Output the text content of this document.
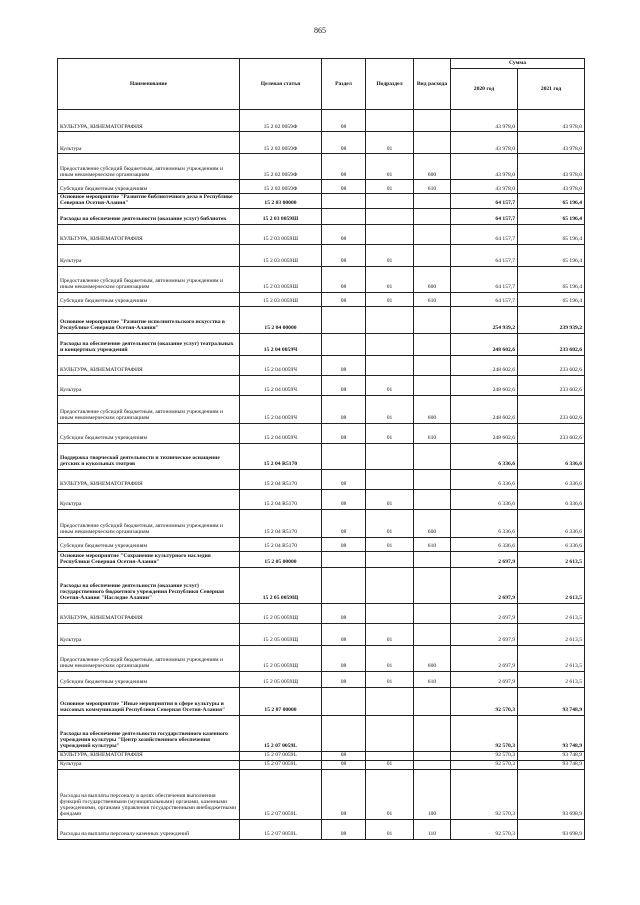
865
Наименование	Целевая статья	Раздел	Подраздел	Вид расхода	Сумма	
					2020 год	2021 год
КУЛЬТУРА, КИНЕМАТОГРАФИЯ	15 2 02 0059Ф	08			43 978,0	43 978,0
Культура	15 2 02 0059Ф	08	01		43 978,0	43 978,0
Предоставление субсидий бюджетным, автономным учреждениям и иным некоммерческим организациям	15 2 02 0059Ф	08	01	600	43 978,0	43 978,0
Субсидии бюджетным учреждениям	15 2 02 0059Ф	08	01	610	43 978,0	43 978,0
Основное мероприятие "Развитие библиотечного дела в Республике Северная Осетия-Алания"	15 2 03 00000				64 157,7	65 196,4
Расходы на обеспечение деятельности (оказание услуг) библиотек	15 2 03 0059Ш				64 157,7	65 196,4
КУЛЬТУРА, КИНЕМАТОГРАФИЯ	15 2 03 0059Ш	08			64 157,7	65 196,4
Культура	15 2 03 0059Ш	08	01		64 157,7	65 196,4
Предоставление субсидий бюджетным, автономным учреждениям и иным некоммерческим организациям	15 2 03 0059Ш	08	01	600	64 157,7	65 196,4
Субсидии бюджетным учреждениям	15 2 03 0059Ш	08	01	610	64 157,7	65 196,4
Основное мероприятие "Развитие исполнительского искусства в Республике Северная Осетия-Алания"	15 2 04 00000				254 939,2	239 939,2
Расходы на обеспечение деятельности (оказание услуг) театральных и концертных учреждений	15 2 04 0059Ч				248 602,6	233 602,6
КУЛЬТУРА, КИНЕМАТОГРАФИЯ	15 2 04 0059Ч	08			248 602,6	233 602,6
Культура	15 2 04 0059Ч	08	01		248 602,6	233 602,6
Предоставление субсидий бюджетным, автономным учреждениям и иным некоммерческим организациям	15 2 04 0059Ч	08	01	600	248 602,6	233 602,6
Субсидии бюджетным учреждениям	15 2 04 0059Ч	08	01	610	248 602,6	233 602,6
Поддержка творческой деятельности и техническое оснащение детских и кукольных театров	15 2 04 R5170				6 336,6	6 336,6
КУЛЬТУРА, КИНЕМАТОГРАФИЯ	15 2 04 R5170	08			6 336,6	6 336,6
Культура	15 2 04 R5170	08	01		6 336,6	6 336,6
Предоставление субсидий бюджетным, автономным учреждениям и иным некоммерческим организациям	15 2 04 R5170	08	01	600	6 336,6	6 336,6
Субсидии бюджетным учреждениям	15 2 04 R5170	08	01	610	6 336,6	6 336,6
Основное мероприятие "Сохранение культурного наследия Республики Северная Осетия-Алания"	15 2 05 00000				2 697,9	2 613,5
Расходы на обеспечение деятельности (оказание услуг) государственного бюджетного учреждения Республики Северная Осетия-Алания "Наследие Алании"	15 2 05 0059Щ				2 697,9	2 613,5
КУЛЬТУРА, КИНЕМАТОГРАФИЯ	15 2 05 0059Щ	08			2 697,9	2 613,5
Культура	15 2 05 0059Щ	08	01		2 697,9	2 613,5
Предоставление субсидий бюджетным, автономным учреждениям и иным некоммерческим организациям	15 2 05 0059Щ	08	01	600	2 697,9	2 613,5
Субсидии бюджетным учреждениям	15 2 05 0059Щ	08	01	610	2 697,9	2 613,5
Основное мероприятие "Иные мероприятия в сфере культуры и массовых коммуникаций Республики Северная Осетия-Алания"	15 2 07 00000				92 570,3	93 748,9
Расходы на обеспечение деятельности государственного казенного учреждения культуры "Центр хозяйственного обеспечения учреждений культуры"	15 2 07 0059L				92 570,3	93 748,9
КУЛЬТУРА, КИНЕМАТОГРАФИЯ	15 2 07 0059L	08			92 570,3	93 748,9
Культура	15 2 07 0059L	08	01		92 570,3	93 748,9
Расходы на выплаты персоналу в целях обеспечения выполнения функций государственными (муниципальными) органами, казенными учреждениями, органами управления государственными внебюджетными фондами	15 2 07 0059L	08	01	100	92 570,3	93 698,9
Расходы на выплаты персоналу казенных учреждений	15 2 07 0059L	08	01	110	92 570,3	93 698,9
